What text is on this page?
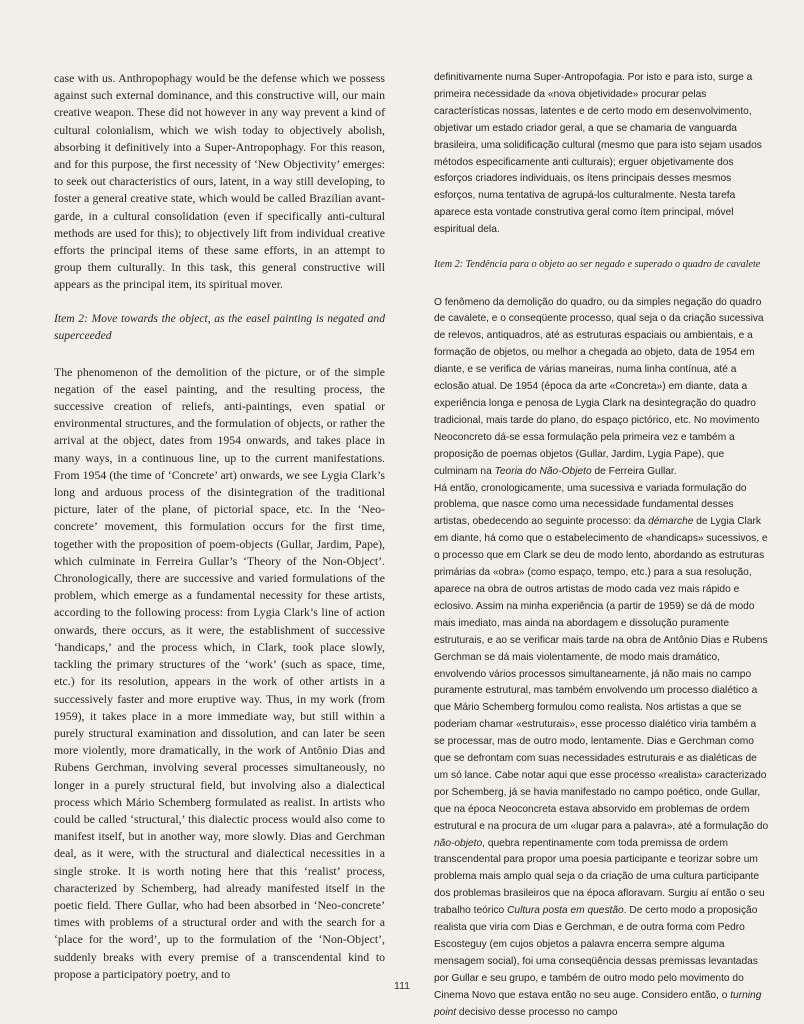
case with us. Anthropophagy would be the defense which we possess against such external dominance, and this constructive will, our main creative weapon. These did not however in any way prevent a kind of cultural colonialism, which we wish today to objectively abolish, absorbing it definitively into a Super-Antropophagy. For this reason, and for this purpose, the first necessity of ‘New Objectivity’ emerges: to seek out characteristics of ours, latent, in a way still developing, to foster a general creative state, which would be called Brazilian avant-garde, in a cultural consolidation (even if specifically anti-cultural methods are used for this); to objectively lift from individual creative efforts the principal items of these same efforts, in an attempt to group them culturally. In this task, this general constructive will appears as the principal item, its spiritual mover.

Item 2: Move towards the object, as the easel painting is negated and superceeded

The phenomenon of the demolition of the picture, or of the simple negation of the easel painting, and the resulting process, the successive creation of reliefs, anti-paintings, even spatial or environmental structures, and the formulation of objects, or rather the arrival at the object, dates from 1954 onwards, and takes place in many ways, in a continuous line, up to the current manifestations. From 1954 (the time of ‘Concrete’ art) onwards, we see Lygia Clark’s long and arduous process of the disintegration of the traditional picture, later of the plane, of pictorial space, etc. In the ‘Neo-concrete’ movement, this formulation occurs for the first time, together with the proposition of poem-objects (Gullar, Jardim, Pape), which culminate in Ferreira Gullar’s ‘Theory of the Non-Object’. Chronologically, there are successive and varied formulations of the problem, which emerge as a fundamental necessity for these artists, according to the following process: from Lygia Clark’s line of action onwards, there occurs, as it were, the establishment of successive ‘handicaps,’ and the process which, in Clark, took place slowly, tackling the primary structures of the ‘work’ (such as space, time, etc.) for its resolution, appears in the work of other artists in a successively faster and more eruptive way. Thus, in my work (from 1959), it takes place in a more immediate way, but still within a purely structural examination and dissolution, and can later be seen more violently, more dramatically, in the work of Antônio Dias and Rubens Gerchman, involving several processes simultaneously, no longer in a purely structural field, but involving also a dialectical process which Mário Schemberg formulated as realist. In artists who could be called ‘structural,’ this dialectic process would also come to manifest itself, but in another way, more slowly. Dias and Gerchman deal, as it were, with the structural and dialectical necessities in a single stroke. It is worth noting here that this ‘realist’ process, characterized by Schemberg, had already manifested itself in the poetic field. There Gullar, who had been absorbed in ‘Neo-concrete’ times with problems of a structural order and with the search for a ‘place for the word’, up to the formulation of the ‘Non-Object’, suddenly breaks with every premise of a transcendental kind to propose a participatory poetry, and to

definitivamente numa Super-Antropofagia. Por isto e para isto, surge a primeira necessidade da «nova objetividade» procurar pelas características nossas, latentes e de certo modo em desenvolvimento, objetivar um estado criador geral, a que se chamaria de vanguarda brasileira, uma solidificação cultural (mesmo que para isto sejam usados métodos especificamente anti culturais); erguer objetivamente dos esforços criadores individuais, os ítens principais desses mesmos esforços, numa tentativa de agrupá-los culturalmente. Nesta tarefa aparece esta vontade construtiva geral como ítem principal, móvel espiritual dela.

Item 2: Tendência para o objeto ao ser negado e superado o quadro de cavalete

O fenômeno da demolição do quadro, ou da simples negação do quadro de cavalete, e o conseqüente processo, qual seja o da criação sucessiva de relevos, antiquadros, até as estruturas espaciais ou ambientais, e a formação de objetos, ou melhor a chegada ao objeto, data de 1954 em diante, e se verifica de várias maneiras, numa linha contínua, até a eclosão atual. De 1954 (época da arte «Concreta») em diante, data a experiência longa e penosa de Lygia Clark na desintegração do quadro tradicional, mais tarde do plano, do espaço pictórico, etc. No movimento Neoconcreto dá-se essa formulação pela primeira vez e também a proposição de poemas objetos (Gullar, Jardim, Lygia Pape), que culminam na Teoria do Não-Objeto de Ferreira Gullar.

Há então, cronologicamente, uma sucessiva e variada formulação do problema, que nasce como uma necessidade fundamental desses artistas, obedecendo ao seguinte processo: da démarche de Lygia Clark em diante, há como que o estabelecimento de «handicaps» sucessivos, e o processo que em Clark se deu de modo lento, abordando as estruturas primárias da «obra» (como espaço, tempo, etc.) para a sua resolução, aparece na obra de outros artistas de modo cada vez mais rápido e eclosivo. Assim na minha experiência (a partir de 1959) se dá de modo mais imediato, mas ainda na abordagem e dissolução puramente estruturais, e ao se verificar mais tarde na obra de Antônio Dias e Rubens Gerchman se dá mais violentamente, de modo mais dramático, envolvendo vários processos simultaneamente, já não mais no campo puramente estrutural, mas também envolvendo um processo dialético a que Mário Schemberg formulou como realista. Nos artistas a que se poderiam chamar «estruturais», esse processo dialético viria também a se processar, mas de outro modo, lentamente. Dias e Gerchman como que se defrontam com suas necessidades estruturais e as dialéticas de um só lance. Cabe notar aqui que esse processo «realista» caracterizado por Schemberg, já se havia manifestado no campo poético, onde Gullar, que na época Neoconcreta estava absorvido em problemas de ordem estrutural e na procura de um «lugar para a palavra», até a formulação do não-objeto, quebra repentinamente com toda premissa de ordem transcendental para propor uma poesia participante e teorizar sobre um problema mais amplo qual seja o da criação de uma cultura participante dos problemas brasileiros que na época afloravam. Surgiu aí então o seu trabalho teórico Cultura posta em questão. De certo modo a proposição realista que viria com Dias e Gerchman, e de outra forma com Pedro Escosteguy (em cujos objetos a palavra encerra sempre alguma mensagem social), foi uma conseqüência dessas premissas levantadas por Gullar e seu grupo, e também de outro modo pelo movimento do Cinema Novo que estava então no seu auge. Considero então, o turning point decisivo desse processo no campo

111
